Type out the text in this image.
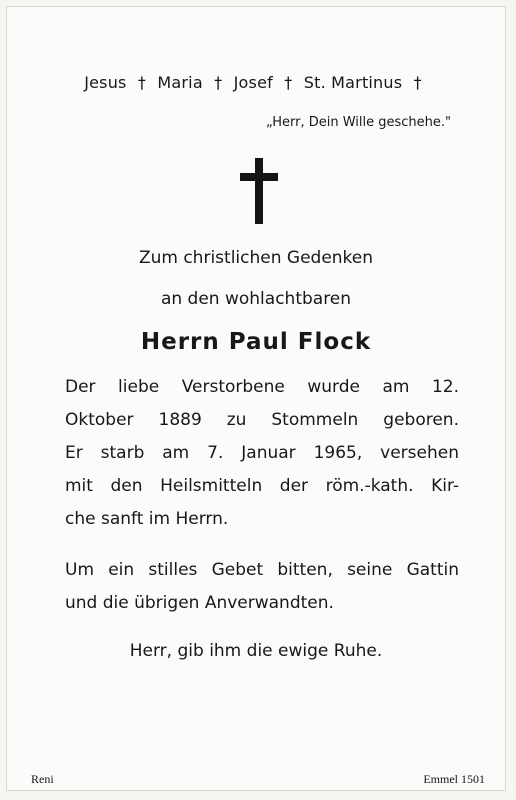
Jesus † Maria † Josef † St. Martinus †
„Herr, Dein Wille geschehe."
Zum christlichen Gedenken
an den wohlachtbaren
Herrn Paul Flock
Der liebe Verstorbene wurde am 12.
Oktober 1889 zu Stommeln geboren.
Er starb am 7. Januar 1965, versehen
mit den Heilsmitteln der röm.-kath. Kir-
che sanft im Herrn.
Um ein stilles Gebet bitten, seine Gattin
und die übrigen Anverwandten.
Herr, gib ihm die ewige Ruhe.
Reni	Emmel 1501
